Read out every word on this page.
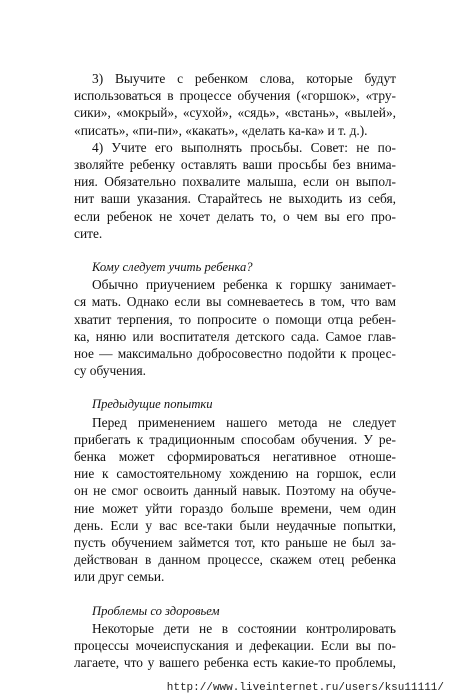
3) Выучите с ребенком слова, которые будут
использоваться в процессе обучения («горшок», «тру-
сики», «мокрый», «сухой», «сядь», «встань», «вылей»,
«писать», «пи-пи», «какать», «делать ка-ка» и т. д.).
4) Учите его выполнять просьбы. Совет: не по-
зволяйте ребенку оставлять ваши просьбы без внима-
ния. Обязательно похвалите малыша, если он выпол-
нит ваши указания. Старайтесь не выходить из себя,
если ребенок не хочет делать то, о чем вы его про-
сите.
Кому следует учить ребенка?
Обычно приучением ребенка к горшку занимает-
ся мать. Однако если вы сомневаетесь в том, что вам
хватит терпения, то попросите о помощи отца ребен-
ка, няню или воспитателя детского сада. Самое глав-
ное — максимально добросовестно подойти к процес-
су обучения.
Предыдущие попытки
Перед применением нашего метода не следует
прибегать к традиционным способам обучения. У ре-
бенка может сформироваться негативное отноше-
ние к самостоятельному хождению на горшок, если
он не смог освоить данный навык. Поэтому на обуче-
ние может уйти гораздо больше времени, чем один
день. Если у вас все-таки были неудачные попытки,
пусть обучением займется тот, кто раньше не был за-
действован в данном процессе, скажем отец ребенка
или друг семьи.
Проблемы со здоровьем
Некоторые дети не в состоянии контролировать
процессы мочеиспускания и дефекации. Если вы по-
лагаете, что у вашего ребенка есть какие-то проблемы,
http://www.liveinternet.ru/users/ksu11111/
